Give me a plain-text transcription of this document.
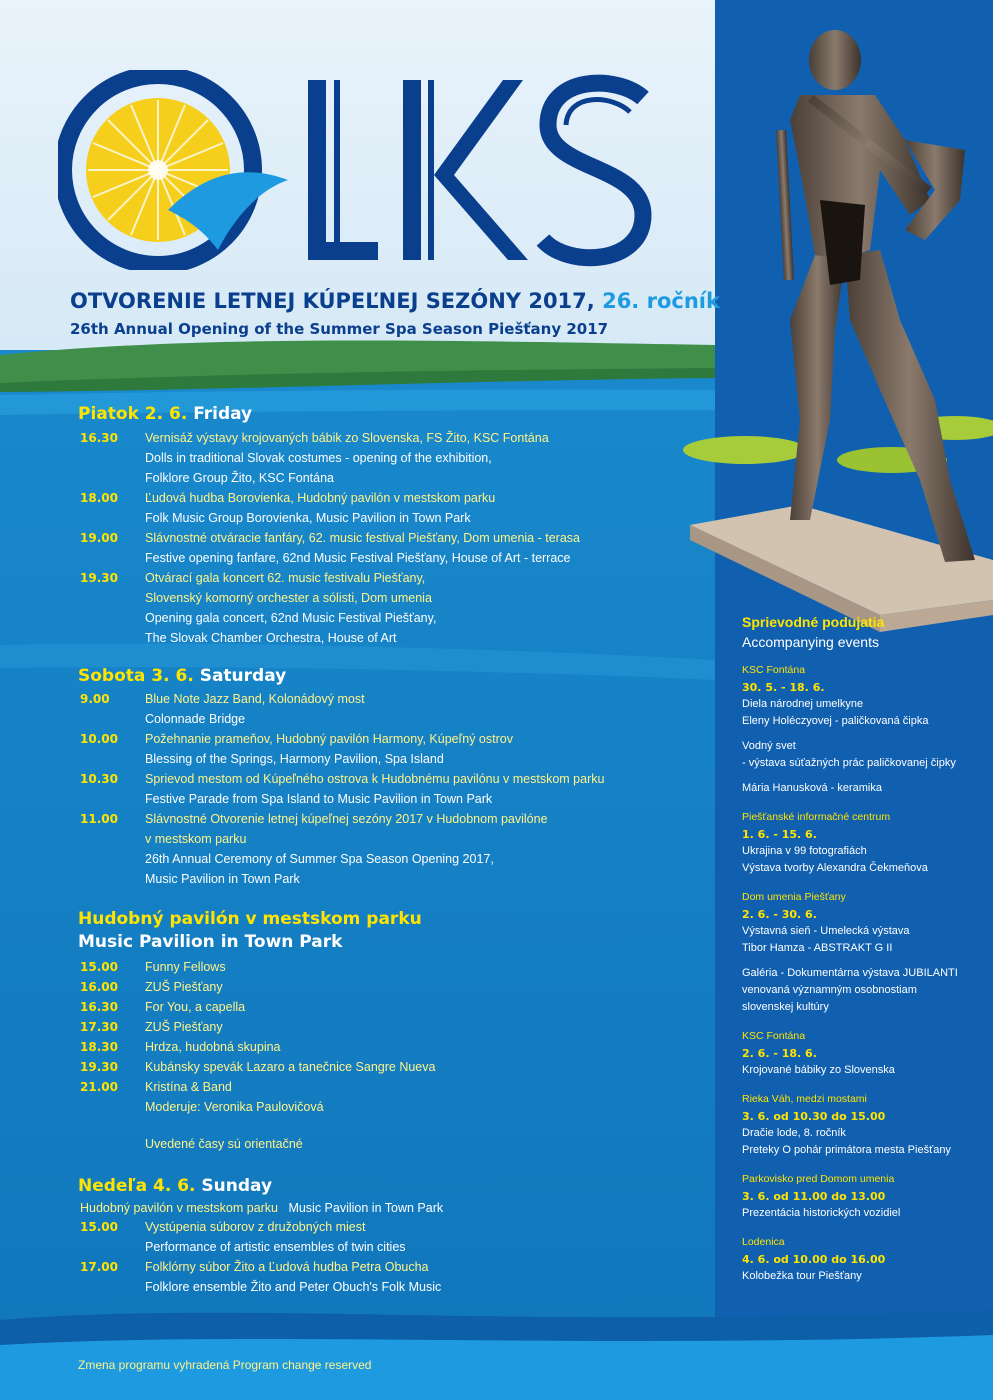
OTVORENIE LETNEJ KÚPEĽNEJ SEZÓNY 2017, 26. ročník
26th Annual Opening of the Summer Spa Season Piešťany 2017
Piatok 2. 6. Friday
16.30	Vernisáž výstavy krojovaných bábik zo Slovenska, FS Žito, KSC Fontána
Dolls in traditional Slovak costumes - opening of the exhibition,
Folklore Group Žito, KSC Fontána
18.00	Ľudová hudba Borovienka, Hudobný pavilón v mestskom parku
Folk Music Group Borovienka, Music Pavilion in Town Park
19.00	Slávnostné otváracie fanfáry, 62. music festival Piešťany, Dom umenia - terasa
Festive opening fanfare, 62nd Music Festival Piešťany, House of Art - terrace
19.30	Otvárací gala koncert 62. music festivalu Piešťany,
Slovenský komorný orchester a sólisti, Dom umenia
Opening gala concert, 62nd Music Festival Piešťany,
The Slovak Chamber Orchestra, House of Art
Sobota 3. 6. Saturday
9.00	Blue Note Jazz Band, Kolonádový most
Colonnade Bridge
10.00	Požehnanie prameňov, Hudobný pavilón Harmony, Kúpeľný ostrov
Blessing of the Springs, Harmony Pavilion, Spa Island
10.30	Sprievod mestom od Kúpeľného ostrova k Hudobnému pavilónu v mestskom parku
Festive Parade from Spa Island to Music Pavilion in Town Park
11.00	Slávnostné Otvorenie letnej kúpeľnej sezóny 2017 v Hudobnom pavilóne
v mestskom parku
26th Annual Ceremony of Summer Spa Season Opening 2017,
Music Pavilion in Town Park
Hudobný pavilón v mestskom parku
Music Pavilion in Town Park
15.00	Funny Fellows
16.00	ZUŠ Piešťany
16.30	For You, a capella
17.30	ZUŠ Piešťany
18.30	Hrdza, hudobná skupina
19.30	Kubánsky spevák Lazaro a tanečnice Sangre Nueva
21.00	Kristína & Band
Moderuje: Veronika Paulovičová
Uvedené časy sú orientačné
Nedeľa 4. 6. Sunday
Hudobný pavilón v mestskom parku Music Pavilion in Town Park
15.00	Vystúpenia súborov z družobných miest
Performance of artistic ensembles of twin cities
17.00	Folklórny súbor Žito a Ľudová hudba Petra Obucha
Folklore ensemble Žito and Peter Obuch's Folk Music
Sprievodné podujatia
Accompanying events
KSC Fontána
30. 5. - 18. 6.
Diela národnej umelkyne
Eleny Holéczyovej - paličkovaná čipka
Vodný svet
- výstava súťažných prác paličkovanej čipky
Mária Hanusková - keramika
Piešťanské informačné centrum
1. 6. - 15. 6.
Ukrajina v 99 fotografiách
Výstava tvorby Alexandra Čekmeňova
Dom umenia Piešťany
2. 6. - 30. 6.
Výstavná sieň - Umelecká výstava
Tibor Hamza - ABSTRAKT G II
Galéria - Dokumentárna výstava JUBILANTI
venovaná významným osobnostiam
slovenskej kultúry
KSC Fontána
2. 6. - 18. 6.
Krojované bábiky zo Slovenska
Rieka Váh, medzi mostami
3. 6. od 10.30 do 15.00
Dračie lode, 8. ročník
Preteky O pohár primátora mesta Piešťany
Parkovisko pred Domom umenia
3. 6. od 11.00 do 13.00
Prezentácia historických vozidiel
Lodenica
4. 6. od 10.00 do 16.00
Kolobežka tour Piešťany
Zmena programu vyhradená Program change reserved
